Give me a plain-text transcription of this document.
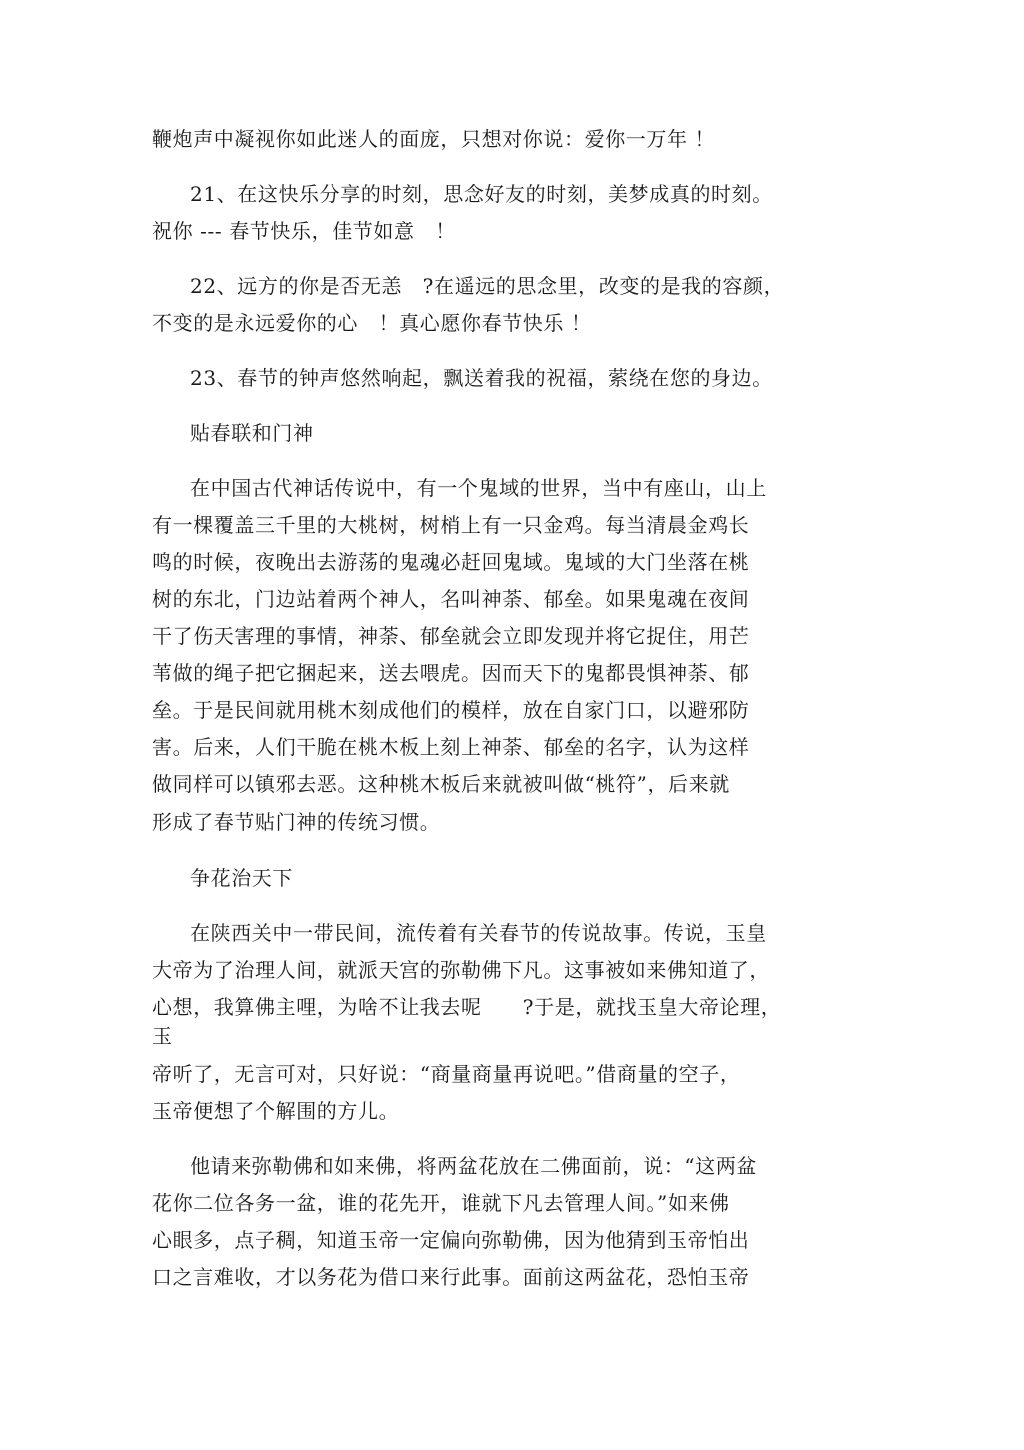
鞭炮声中凝视你如此迷人的面庞，只想对你说：爱你一万年 ！
21、在这快乐分享的时刻，思念好友的时刻，美梦成真的时刻。
祝你 --- 春节快乐，佳节如意　！
22、远方的你是否无恙　?在遥远的思念里，改变的是我的容颜，
不变的是永远爱你的心　！真心愿你春节快乐 ！
23、春节的钟声悠然响起，飘送着我的祝福，萦绕在您的身边。
贴春联和门神
在中国古代神话传说中，有一个鬼域的世界，当中有座山，山上
有一棵覆盖三千里的大桃树，树梢上有一只金鸡。每当清晨金鸡长
鸣的时候，夜晚出去游荡的鬼魂必赶回鬼域。鬼域的大门坐落在桃
树的东北，门边站着两个神人，名叫神荼、郁垒。如果鬼魂在夜间
干了伤天害理的事情，神荼、郁垒就会立即发现并将它捉住，用芒
苇做的绳子把它捆起来，送去喂虎。因而天下的鬼都畏惧神荼、郁
垒。于是民间就用桃木刻成他们的模样，放在自家门口，以避邪防
害。后来，人们干脆在桃木板上刻上神荼、郁垒的名字，认为这样
做同样可以镇邪去恶。这种桃木板后来就被叫做“桃符”，后来就
形成了春节贴门神的传统习惯。
争花治天下
在陕西关中一带民间，流传着有关春节的传说故事。传说，玉皇
大帝为了治理人间，就派天宫的弥勒佛下凡。这事被如来佛知道了，
心想，我算佛主哩，为啥不让我去呢　　?于是，就找玉皇大帝论理，
玉
帝听了，无言可对，只好说：“商量商量再说吧。”借商量的空子，
玉帝便想了个解围的方儿。
他请来弥勒佛和如来佛，将两盆花放在二佛面前，说：“这两盆
花你二位各务一盆，谁的花先开，谁就下凡去管理人间。”如来佛
心眼多，点子稠，知道玉帝一定偏向弥勒佛，因为他猜到玉帝怕出
口之言难收，才以务花为借口来行此事。面前这两盆花，恐怕玉帝
